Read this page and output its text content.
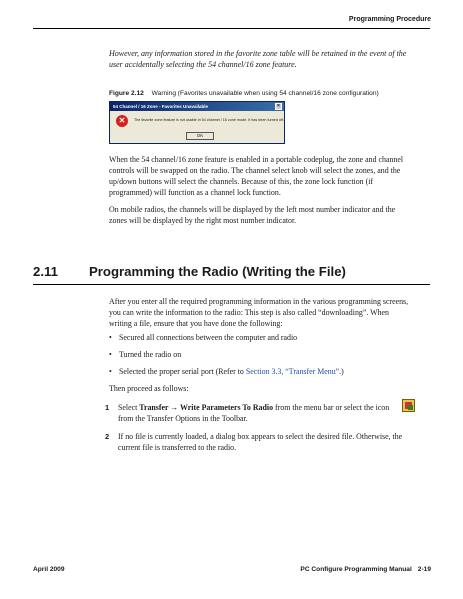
Programming Procedure

However, any information stored in the favorite zone table will be retained in the event of the user accidentally selecting the 54 channel/16 zone feature.

Figure 2.12 Warning (Favorites unavailable when using 54 channel/16 zone configuration)
54 Channel / 16 Zone - Favorites Unavailable	×
✕	The favorite zone feature is not usable in 54 channel / 16 zone mode. It has been turned off.
OK

When the 54 channel/16 zone feature is enabled in a portable codeplug, the zone and channel controls will be swapped on the radio. The channel select knob will select the zones, and the up/down buttons will select the channels. Because of this, the zone lock function (if programmed) will function as a channel lock function.

On mobile radios, the channels will be displayed by the left most number indicator and the zones will be displayed by the right most number indicator.

2.11 Programming the Radio (Writing the File)

After you enter all the required programming information in the various programming screens, you can write the information to the radio: This step is also called “downloading”. When writing a file, ensure that you have done the following:

• Secured all connections between the computer and radio
• Turned the radio on
• Selected the proper serial port (Refer to Section 3.3, “Transfer Menu”.)

Then proceed as follows:

1 Select Transfer → Write Parameters To Radio from the menu bar or select the icon from the Transfer Options in the Toolbar.
2 If no file is currently loaded, a dialog box appears to select the desired file. Otherwise, the current file is transferred to the radio.
April 2009	PC Configure Programming Manual 2-19
